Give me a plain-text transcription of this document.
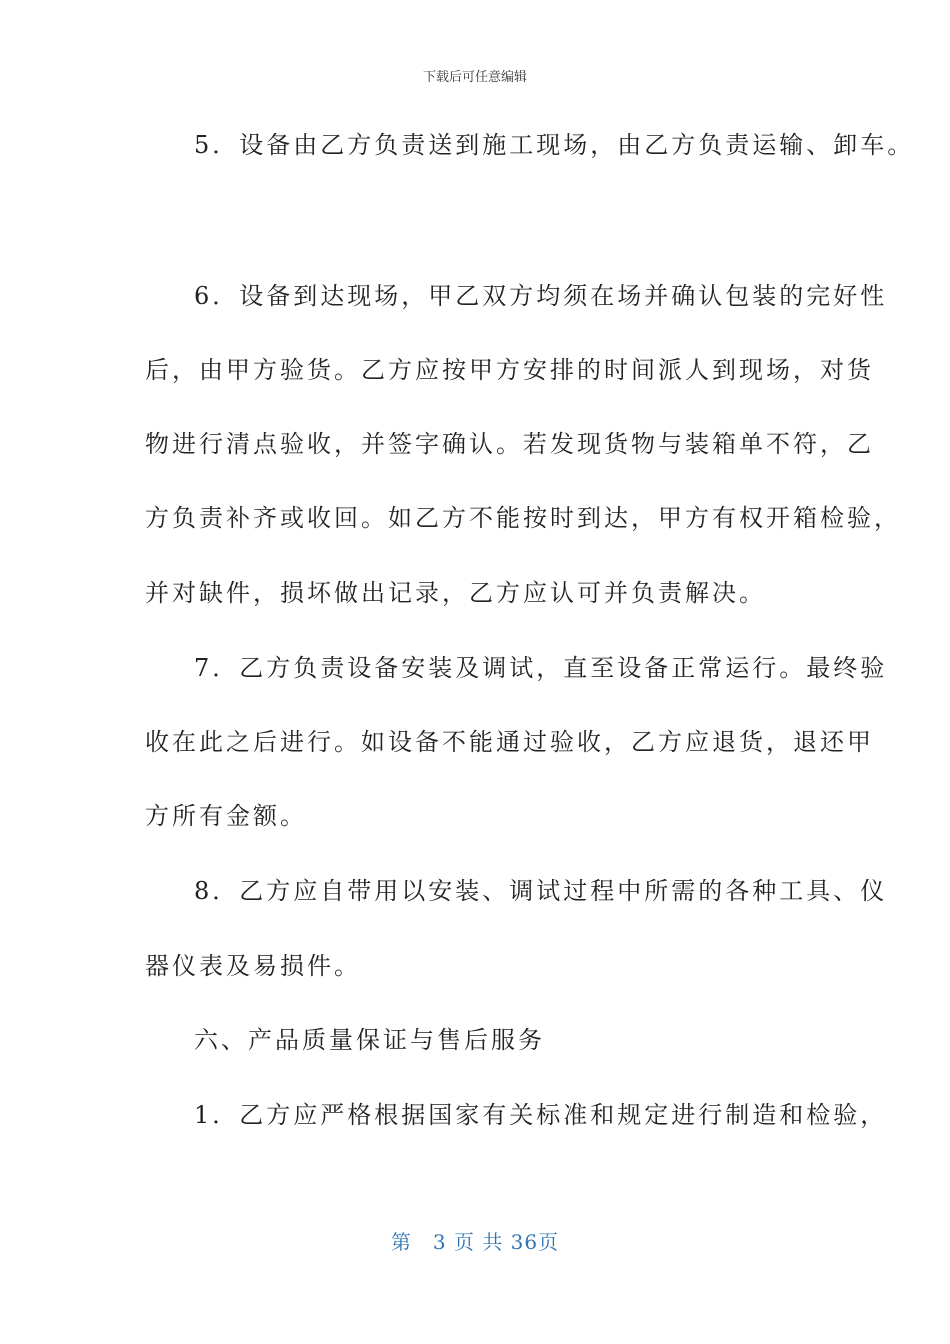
下载后可任意编辑
5．设备由乙方负责送到施工现场，由乙方负责运输、卸车。
6．设备到达现场，甲乙双方均须在场并确认包装的完好性
后，由甲方验货。乙方应按甲方安排的时间派人到现场，对货
物进行清点验收，并签字确认。若发现货物与装箱单不符，乙
方负责补齐或收回。如乙方不能按时到达，甲方有权开箱检验，
并对缺件，损坏做出记录，乙方应认可并负责解决。
7．乙方负责设备安装及调试，直至设备正常运行。最终验
收在此之后进行。如设备不能通过验收，乙方应退货，退还甲
方所有金额。
8．乙方应自带用以安装、调试过程中所需的各种工具、仪
器仪表及易损件。
六、产品质量保证与售后服务
1．乙方应严格根据国家有关标准和规定进行制造和检验，
第　3 页 共 36页
